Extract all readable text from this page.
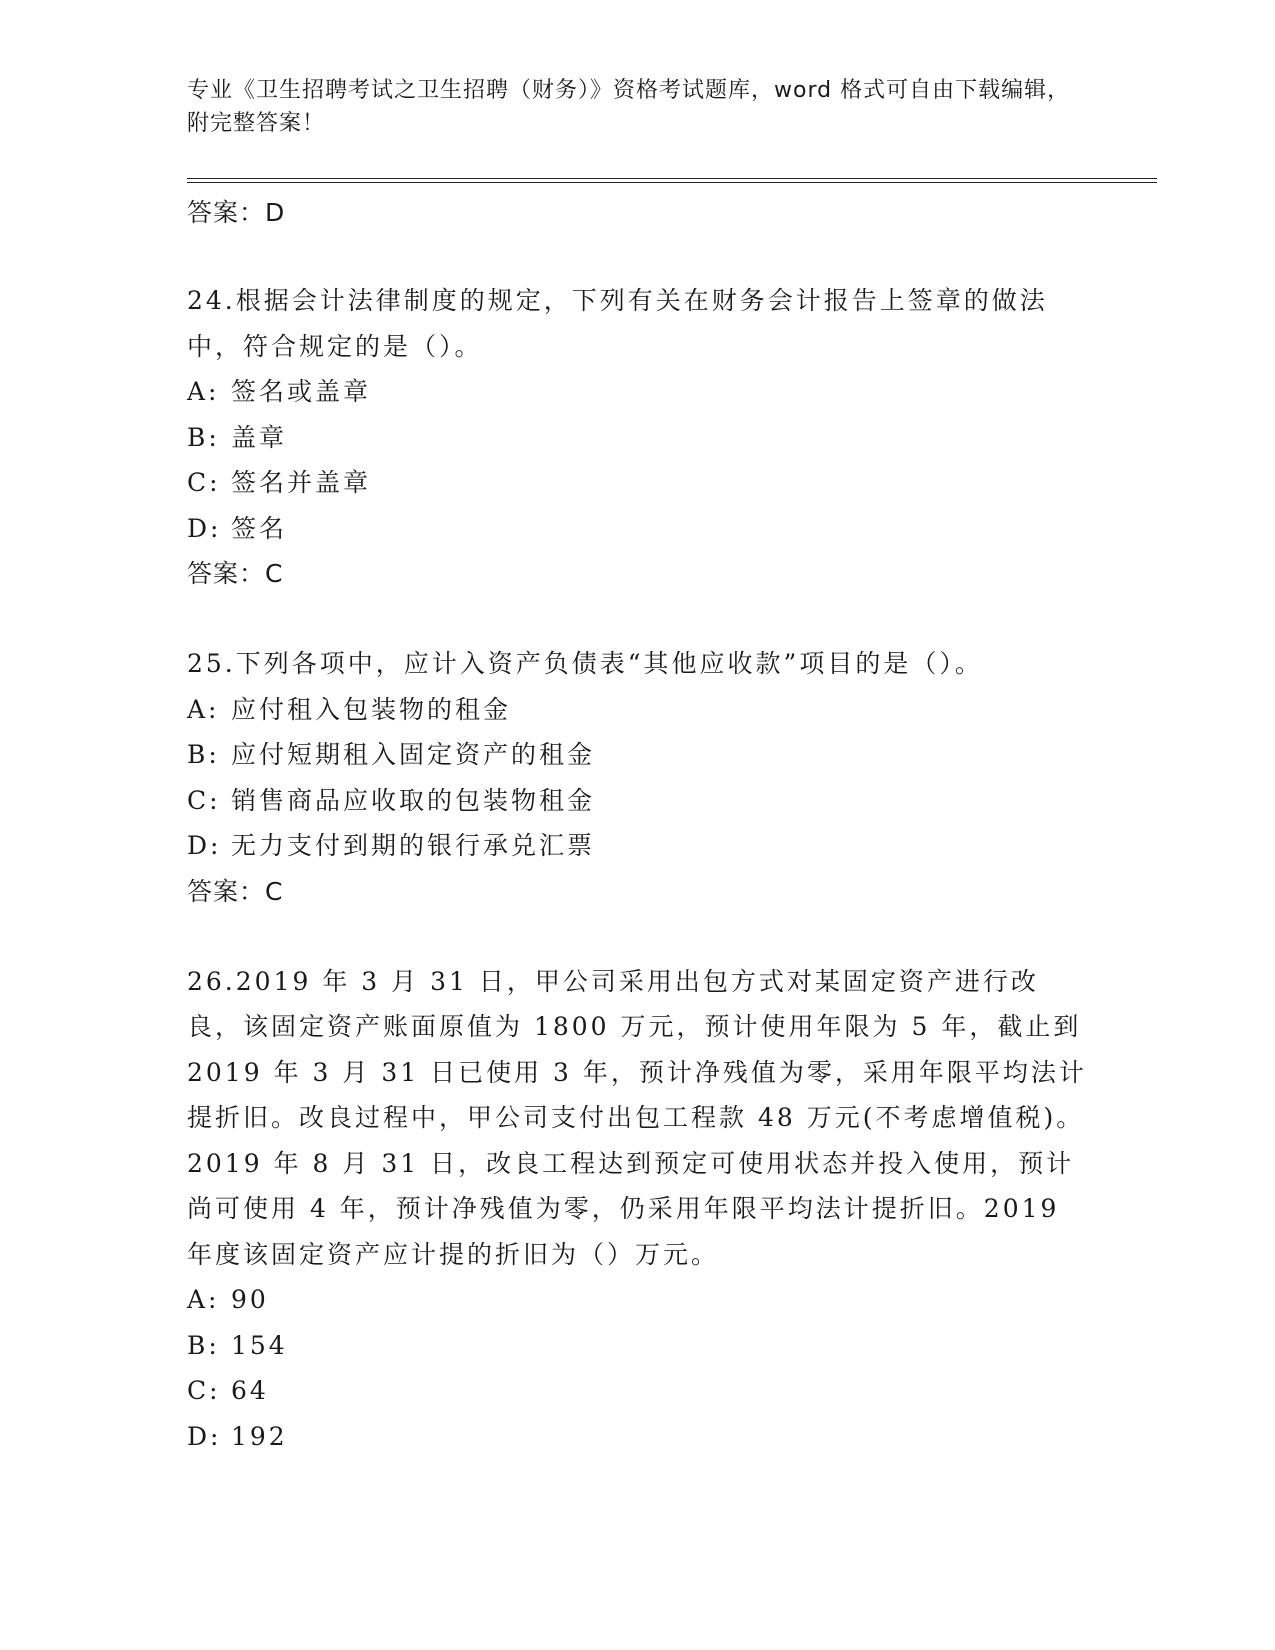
专业《卫生招聘考试之卫生招聘（财务）》资格考试题库，word 格式可自由下载编辑，附完整答案！
答案：D

24.根据会计法律制度的规定，下列有关在财务会计报告上签章的做法中，符合规定的是（）。

A: 签名或盖章
B: 盖章
C: 签名并盖章
D: 签名
答案：C

25.下列各项中，应计入资产负债表“其他应收款”项目的是（）。

A: 应付租入包装物的租金
B: 应付短期租入固定资产的租金
C: 销售商品应收取的包装物租金
D: 无力支付到期的银行承兑汇票
答案：C

26.2019 年 3 月 31 日，甲公司采用出包方式对某固定资产进行改良，该固定资产账面原值为 1800 万元，预计使用年限为 5 年，截止到 2019 年 3 月 31 日已使用 3 年，预计净残值为零，采用年限平均法计提折旧。改良过程中，甲公司支付出包工程款 48 万元(不考虑增值税)。2019 年 8 月 31 日，改良工程达到预定可使用状态并投入使用，预计尚可使用 4 年，预计净残值为零，仍采用年限平均法计提折旧。2019 年度该固定资产应计提的折旧为（）万元。

A: 90
B: 154
C: 64
D: 192
